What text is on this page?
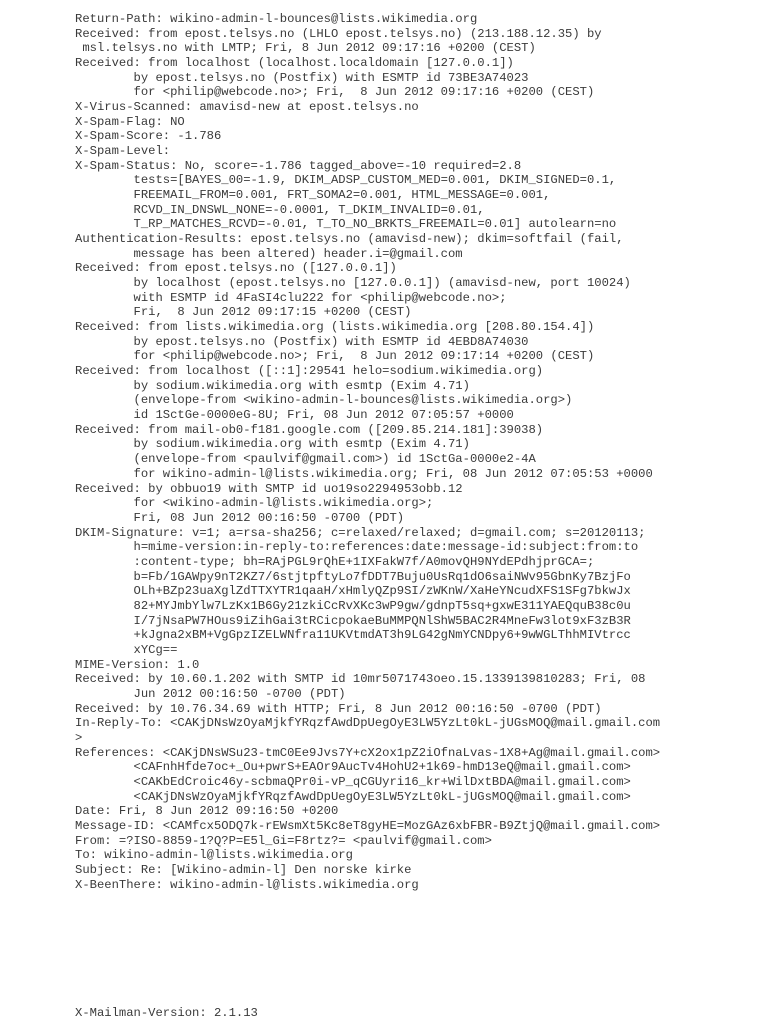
Return-Path: wikino-admin-l-bounces@lists.wikimedia.org
Received: from epost.telsys.no (LHLO epost.telsys.no) (213.188.12.35) by
msl.telsys.no with LMTP; Fri, 8 Jun 2012 09:17:16 +0200 (CEST)
Received: from localhost (localhost.localdomain [127.0.0.1])
by epost.telsys.no (Postfix) with ESMTP id 73BE3A74023
for <philip@webcode.no>; Fri,  8 Jun 2012 09:17:16 +0200 (CEST)
X-Virus-Scanned: amavisd-new at epost.telsys.no
X-Spam-Flag: NO
X-Spam-Score: -1.786
X-Spam-Level:
X-Spam-Status: No, score=-1.786 tagged_above=-10 required=2.8
tests=[BAYES_00=-1.9, DKIM_ADSP_CUSTOM_MED=0.001, DKIM_SIGNED=0.1,
FREEMAIL_FROM=0.001, FRT_SOMA2=0.001, HTML_MESSAGE=0.001,
RCVD_IN_DNSWL_NONE=-0.0001, T_DKIM_INVALID=0.01,
T_RP_MATCHES_RCVD=-0.01, T_TO_NO_BRKTS_FREEMAIL=0.01] autolearn=no
Authentication-Results: epost.telsys.no (amavisd-new); dkim=softfail (fail,
message has been altered) header.i=@gmail.com
Received: from epost.telsys.no ([127.0.0.1])
by localhost (epost.telsys.no [127.0.0.1]) (amavisd-new, port 10024)
with ESMTP id 4FaSI4clu222 for <philip@webcode.no>;
Fri,  8 Jun 2012 09:17:15 +0200 (CEST)
Received: from lists.wikimedia.org (lists.wikimedia.org [208.80.154.4])
by epost.telsys.no (Postfix) with ESMTP id 4EBD8A74030
for <philip@webcode.no>; Fri,  8 Jun 2012 09:17:14 +0200 (CEST)
Received: from localhost ([::1]:29541 helo=sodium.wikimedia.org)
by sodium.wikimedia.org with esmtp (Exim 4.71)
(envelope-from <wikino-admin-l-bounces@lists.wikimedia.org>)
id 1SctGe-0000eG-8U; Fri, 08 Jun 2012 07:05:57 +0000
Received: from mail-ob0-f181.google.com ([209.85.214.181]:39038)
by sodium.wikimedia.org with esmtp (Exim 4.71)
(envelope-from <paulvif@gmail.com>) id 1SctGa-0000e2-4A
for wikino-admin-l@lists.wikimedia.org; Fri, 08 Jun 2012 07:05:53 +0000
Received: by obbuo19 with SMTP id uo19so2294953obb.12
for <wikino-admin-l@lists.wikimedia.org>;
Fri, 08 Jun 2012 00:16:50 -0700 (PDT)
DKIM-Signature: v=1; a=rsa-sha256; c=relaxed/relaxed; d=gmail.com; s=20120113;
h=mime-version:in-reply-to:references:date:message-id:subject:from:to
:content-type; bh=RAjPGL9rQhE+1IXFakW7f/A0movQH9NYdEPdhjprGCA=;
b=Fb/1GAWpy9nT2KZ7/6stjtpftyLo7fDDT7Buju0UsRq1dO6saiNWv95GbnKy7BzjFo
OLh+BZp23uaXglZdTTXYTR1qaaH/xHmlyQZp9SI/zWKnW/XaHeYNcudXFS1SFg7bkwJx
82+MYJmbYlw7LzKx1B6Gy21zkiCcRvXKc3wP9gw/gdnpT5sq+gxwE311YAEQquB38c0u
I/7jNsaPW7HOus9iZihGai3tRCicpokaeBuMMPQNlShW5BAC2R4MneFw3lot9xF3zB3R
+kJgna2xBM+VgGpzIZELWNfra11UKVtmdAT3h9LG42gNmYCNDpy6+9wWGLThhMIVtrcc
xYCg==
MIME-Version: 1.0
Received: by 10.60.1.202 with SMTP id 10mr5071743oeo.15.1339139810283; Fri, 08
Jun 2012 00:16:50 -0700 (PDT)
Received: by 10.76.34.69 with HTTP; Fri, 8 Jun 2012 00:16:50 -0700 (PDT)
In-Reply-To: <CAKjDNsWzOyaMjkfYRqzfAwdDpUegOyE3LW5YzLt0kL-jUGsMOQ@mail.gmail.com
>
References: <CAKjDNsWSu23-tmC0Ee9Jvs7Y+cX2ox1pZ2iOfnaLvas-1X8+Ag@mail.gmail.com>
<CAFnhHfde7oc+_Ou+pwrS+EAOr9AucTv4HohU2+1k69-hmD13eQ@mail.gmail.com>
<CAKbEdCroic46y-scbmaQPr0i-vP_qCGUyri16_kr+WilDxtBDA@mail.gmail.com>
<CAKjDNsWzOyaMjkfYRqzfAwdDpUegOyE3LW5YzLt0kL-jUGsMOQ@mail.gmail.com>
Date: Fri, 8 Jun 2012 09:16:50 +0200
Message-ID: <CAMfcx5ODQ7k-rEWsmXt5Kc8eT8gyHE=MozGAz6xbFBR-B9ZtjQ@mail.gmail.com>
From: =?ISO-8859-1?Q?P=E5l_Gi=F8rtz?= <paulvif@gmail.com>
To: wikino-admin-l@lists.wikimedia.org
Subject: Re: [Wikino-admin-l] Den norske kirke
X-BeenThere: wikino-admin-l@lists.wikimedia.org
X-Mailman-Version: 2.1.13
